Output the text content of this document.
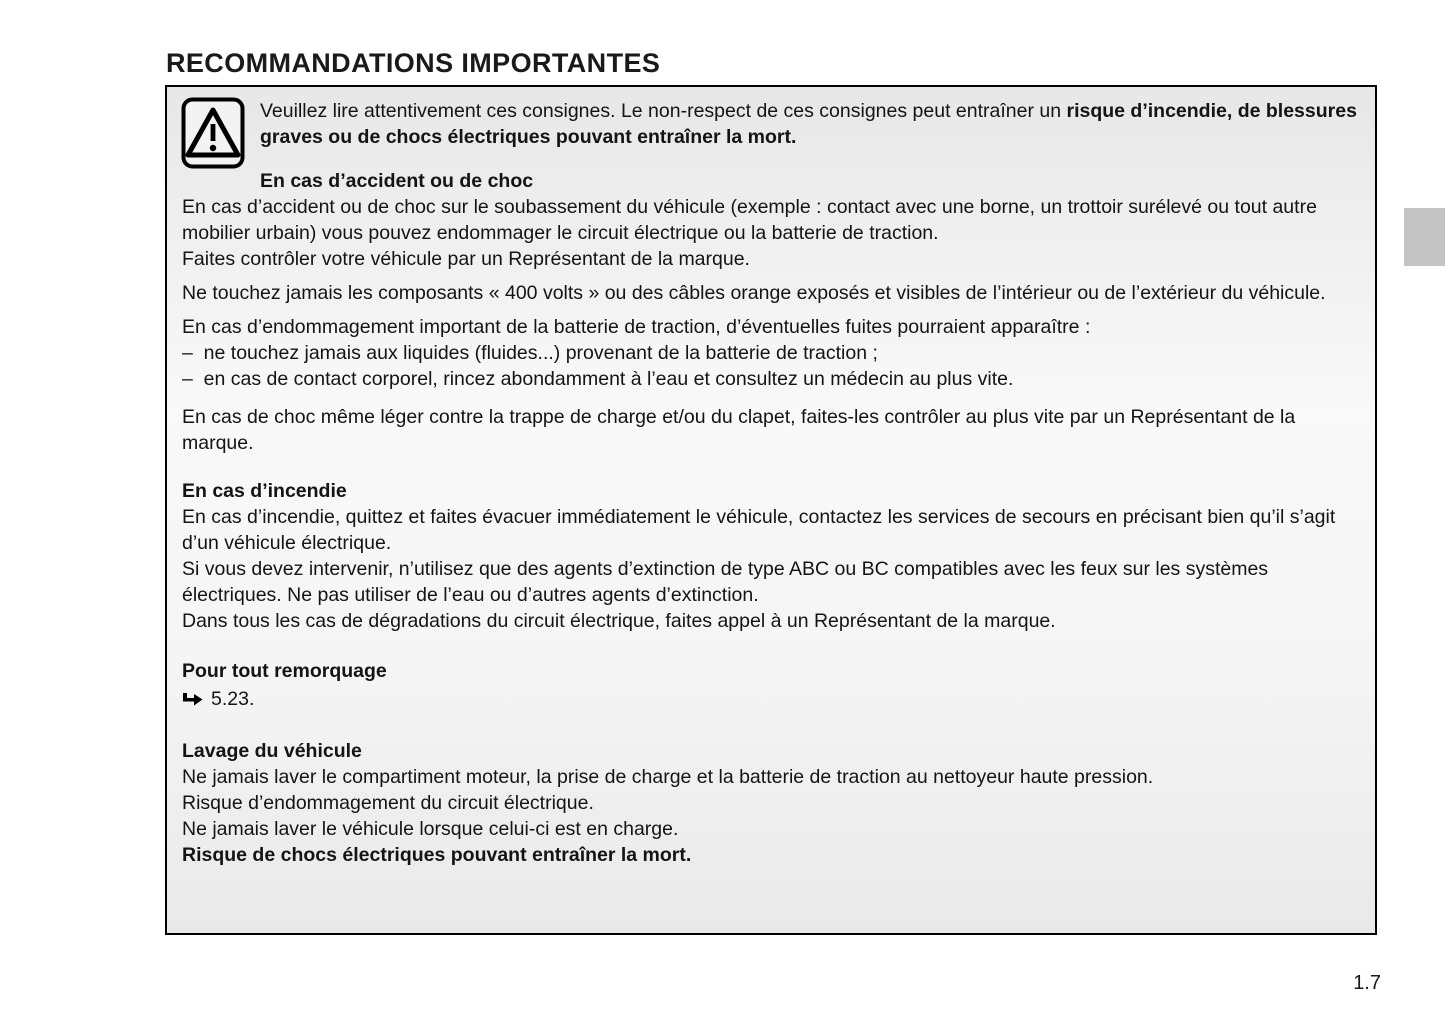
RECOMMANDATIONS IMPORTANTES

Veuillez lire attentivement ces consignes. Le non-respect de ces consignes peut entraîner un risque d’incendie, de blessures graves ou de chocs électriques pouvant entraîner la mort.

En cas d’accident ou de choc

En cas d’accident ou de choc sur le soubassement du véhicule (exemple : contact avec une borne, un trottoir surélevé ou tout autre mobilier urbain) vous pouvez endommager le circuit électrique ou la batterie de traction.

Faites contrôler votre véhicule par un Représentant de la marque.

Ne touchez jamais les composants « 400 volts » ou des câbles orange exposés et visibles de l’intérieur ou de l’extérieur du véhicule.

En cas d’endommagement important de la batterie de traction, d’éventuelles fuites pourraient apparaître :

–  ne touchez jamais aux liquides (fluides...) provenant de la batterie de traction ;

–  en cas de contact corporel, rincez abondamment à l’eau et consultez un médecin au plus vite.

En cas de choc même léger contre la trappe de charge et/ou du clapet, faites-les contrôler au plus vite par un Représentant de la marque.

En cas d’incendie

En cas d’incendie, quittez et faites évacuer immédiatement le véhicule, contactez les services de secours en précisant bien qu’il s’agit d’un véhicule électrique.

Si vous devez intervenir, n’utilisez que des agents d’extinction de type ABC ou BC compatibles avec les feux sur les systèmes électriques. Ne pas utiliser de l’eau ou d’autres agents d’extinction.

Dans tous les cas de dégradations du circuit électrique, faites appel à un Représentant de la marque.

Pour tout remorquage

5.23.

Lavage du véhicule

Ne jamais laver le compartiment moteur, la prise de charge et la batterie de traction au nettoyeur haute pression.

Risque d’endommagement du circuit électrique.

Ne jamais laver le véhicule lorsque celui-ci est en charge.

Risque de chocs électriques pouvant entraîner la mort.

1.7
